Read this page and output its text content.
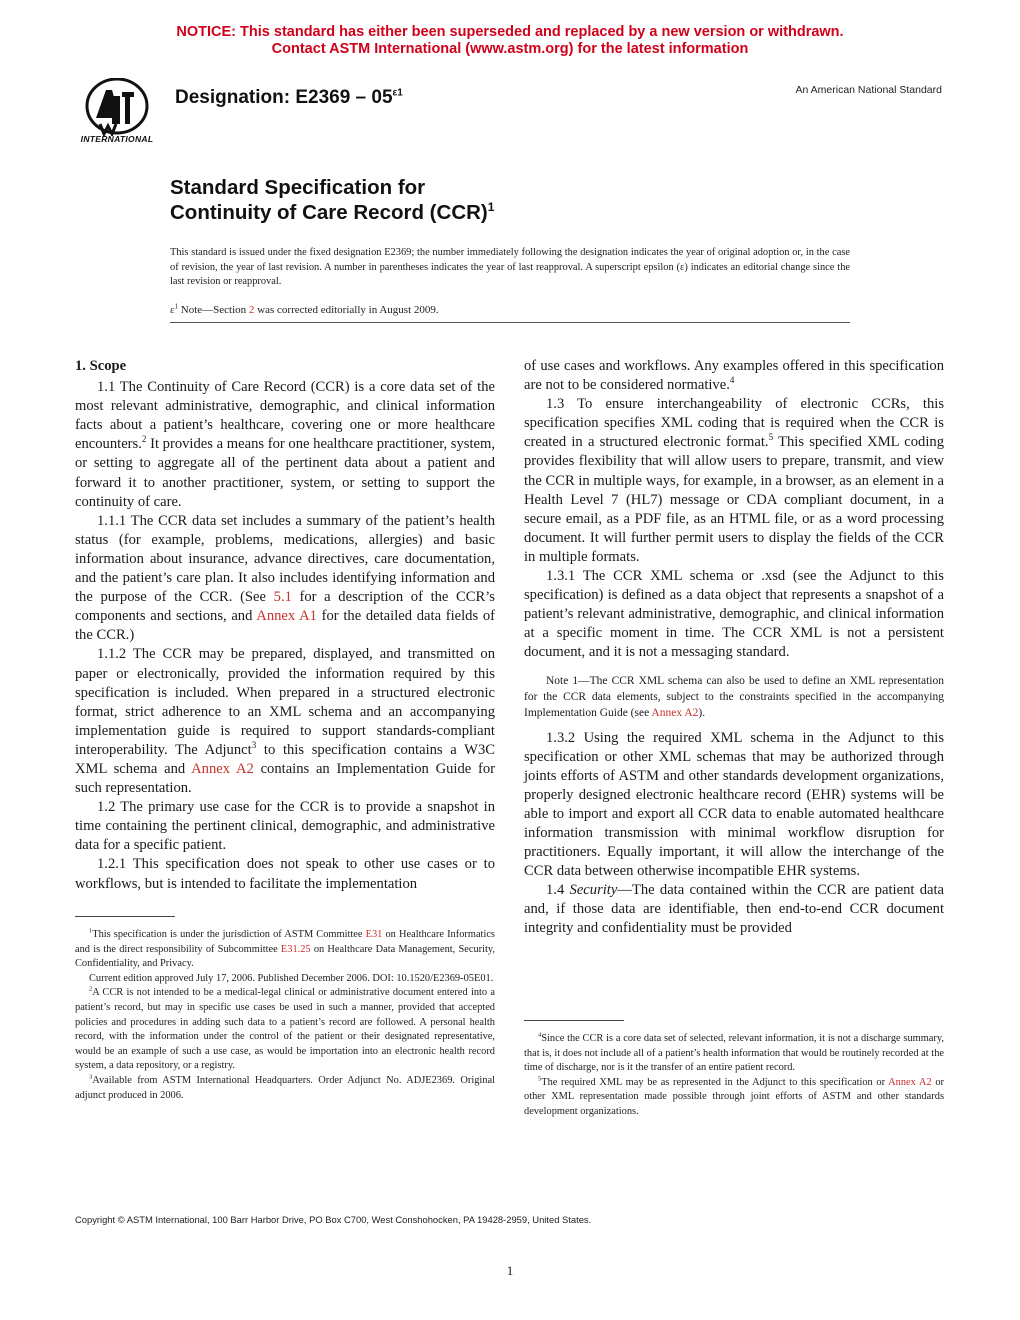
NOTICE: This standard has either been superseded and replaced by a new version or withdrawn.
Contact ASTM International (www.astm.org) for the latest information
INTERNATIONAL
Designation: $E2369 - 05^{\varepsilon 1}$	An American National Standard
Standard Specification for
Continuity of Care Record (CCR)$^1$
This standard is issued under the fixed designation E2369; the number immediately following the designation indicates the year of original adoption or, in the case of revision, the year of last revision. A number in parentheses indicates the year of last reapproval. A superscript epsilon (ε) indicates an editorial change since the last revision or reapproval.
$\varepsilon^1$ Note—Section 2 was corrected editorially in August 2009.

1. Scope

1.1 The Continuity of Care Record (CCR) is a core data set of the most relevant administrative, demographic, and clinical information facts about a patient’s healthcare, covering one or more healthcare encounters.$^2$ It provides a means for one healthcare practitioner, system, or setting to aggregate all of the pertinent data about a patient and forward it to another practitioner, system, or setting to support the continuity of care.

1.1.1 The CCR data set includes a summary of the patient’s health status (for example, problems, medications, allergies) and basic information about insurance, advance directives, care documentation, and the patient’s care plan. It also includes identifying information and the purpose of the CCR. (See 5.1 for a description of the CCR’s components and sections, and Annex A1 for the detailed data fields of the CCR.)

1.1.2 The CCR may be prepared, displayed, and transmitted on paper or electronically, provided the information required by this specification is included. When prepared in a structured electronic format, strict adherence to an XML schema and an accompanying implementation guide is required to support standards-compliant interoperability. The Adjunct$^3$ to this specification contains a W3C XML schema and Annex A2 contains an Implementation Guide for such representation.

1.2 The primary use case for the CCR is to provide a snapshot in time containing the pertinent clinical, demographic, and administrative data for a specific patient.

1.2.1 This specification does not speak to other use cases or to workflows, but is intended to facilitate the implementation

of use cases and workflows. Any examples offered in this specification are not to be considered normative.$^4$

1.3 To ensure interchangeability of electronic CCRs, this specification specifies XML coding that is required when the CCR is created in a structured electronic format.$^5$ This specified XML coding provides flexibility that will allow users to prepare, transmit, and view the CCR in multiple ways, for example, in a browser, as an element in a Health Level 7 (HL7) message or CDA compliant document, in a secure email, as a PDF file, as an HTML file, or as a word processing document. It will further permit users to display the fields of the CCR in multiple formats.

1.3.1 The CCR XML schema or .xsd (see the Adjunct to this specification) is defined as a data object that represents a snapshot of a patient’s relevant administrative, demographic, and clinical information at a specific moment in time. The CCR XML is not a persistent document, and it is not a messaging standard.

Note 1—The CCR XML schema can also be used to define an XML representation for the CCR data elements, subject to the constraints specified in the accompanying Implementation Guide (see Annex A2).

1.3.2 Using the required XML schema in the Adjunct to this specification or other XML schemas that may be authorized through joints efforts of ASTM and other standards development organizations, properly designed electronic healthcare record (EHR) systems will be able to import and export all CCR data to enable automated healthcare information transmission with minimal workflow disruption for practitioners. Equally important, it will allow the interchange of the CCR data between otherwise incompatible EHR systems.

1.4 Security—The data contained within the CCR are patient data and, if those data are identifiable, then end-to-end CCR document integrity and confidentiality must be provided

$^1$This specification is under the jurisdiction of ASTM Committee E31 on Healthcare Informatics and is the direct responsibility of Subcommittee E31.25 on Healthcare Data Management, Security, Confidentiality, and Privacy.

Current edition approved July 17, 2006. Published December 2006. DOI: 10.1520/E2369-05E01.

$^2$A CCR is not intended to be a medical-legal clinical or administrative document entered into a patient’s record, but may in specific use cases be used in such a manner, provided that accepted policies and procedures in adding such data to a patient’s record are followed. A personal health record, with the information under the control of the patient or their designated representative, would be an example of such a use case, as would be importation into an electronic health record system, a data repository, or a registry.

$^3$Available from ASTM International Headquarters. Order Adjunct No. ADJE2369. Original adjunct produced in 2006.

$^4$Since the CCR is a core data set of selected, relevant information, it is not a discharge summary, that is, it does not include all of a patient’s health information that would be routinely recorded at the time of discharge, nor is it the transfer of an entire patient record.

$^5$The required XML may be as represented in the Adjunct to this specification or Annex A2 or other XML representation made possible through joint efforts of ASTM and other standards development organizations.

Copyright © ASTM International, 100 Barr Harbor Drive, PO Box C700, West Conshohocken, PA 19428-2959, United States.
1
